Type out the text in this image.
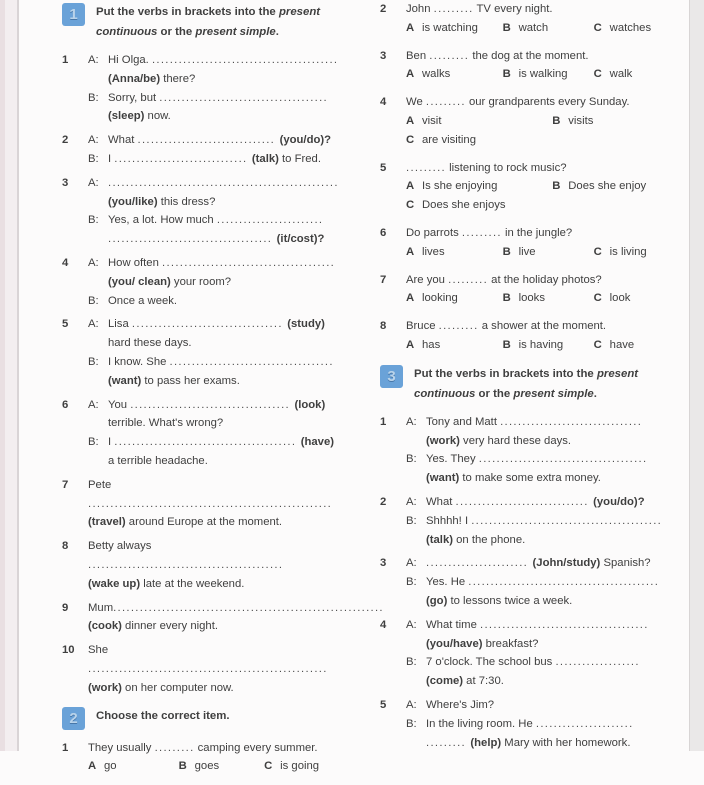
1	Put the verbs in brackets into the present
continuous or the present simple.
1	A: Hi Olga. ..........................................
(Anna/be) there?
B: Sorry, but ......................................
(sleep) now.
2	A: What ............................... (you/do)?
B: I .............................. (talk) to Fred.
3	A: ....................................................
(you/like) this dress?
B: Yes, a lot. How much ........................
..................................... (it/cost)?
4	A: How often .......................................
(you/ clean) your room?
B: Once a week.
5	A: Lisa .................................. (study)
hard these days.
B: I know. She .....................................
(want) to pass her exams.
6	A: You .................................... (look)
terrible. What's wrong?
B: I ......................................... (have)
a terrible headache.
7	Pete .......................................................
(travel) around Europe at the moment.
8	Betty always ............................................
(wake up) late at the weekend.
9	Mum.............................................................
(cook) dinner every night.
10	She ......................................................
(work) on her computer now.
2	Choose the correct item.
1	They usually ......... camping every summer.
A go	B goes	C is going
2	John ......... TV every night.
A is watching	B watch	C watches
3	Ben ......... the dog at the moment.
A walks	B is walking	C walk
4	We ......... our grandparents every Sunday.
A visit	B visits
C are visiting
5	......... listening to rock music?
A Is she enjoying	B Does she enjoy
C Does she enjoys
6	Do parrots ......... in the jungle?
A lives	B live	C is living
7	Are you ......... at the holiday photos?
A looking	B looks	C look
8	Bruce ......... a shower at the moment.
A has	B is having	C have
3	Put the verbs in brackets into the present
continuous or the present simple.
1	A: Tony and Matt ................................
(work) very hard these days.
B: Yes. They ......................................
(want) to make some extra money.
2	A: What .............................. (you/do)?
B: Shhhh! I ...........................................
(talk) on the phone.
3	A: ....................... (John/study) Spanish?
B: Yes. He ...........................................
(go) to lessons twice a week.
4	A: What time ......................................
(you/have) breakfast?
B: 7 o'clock. The school bus ...................
(come) at 7:30.
5	A: Where's Jim?
B: In the living room. He ......................
......... (help) Mary with her homework.
